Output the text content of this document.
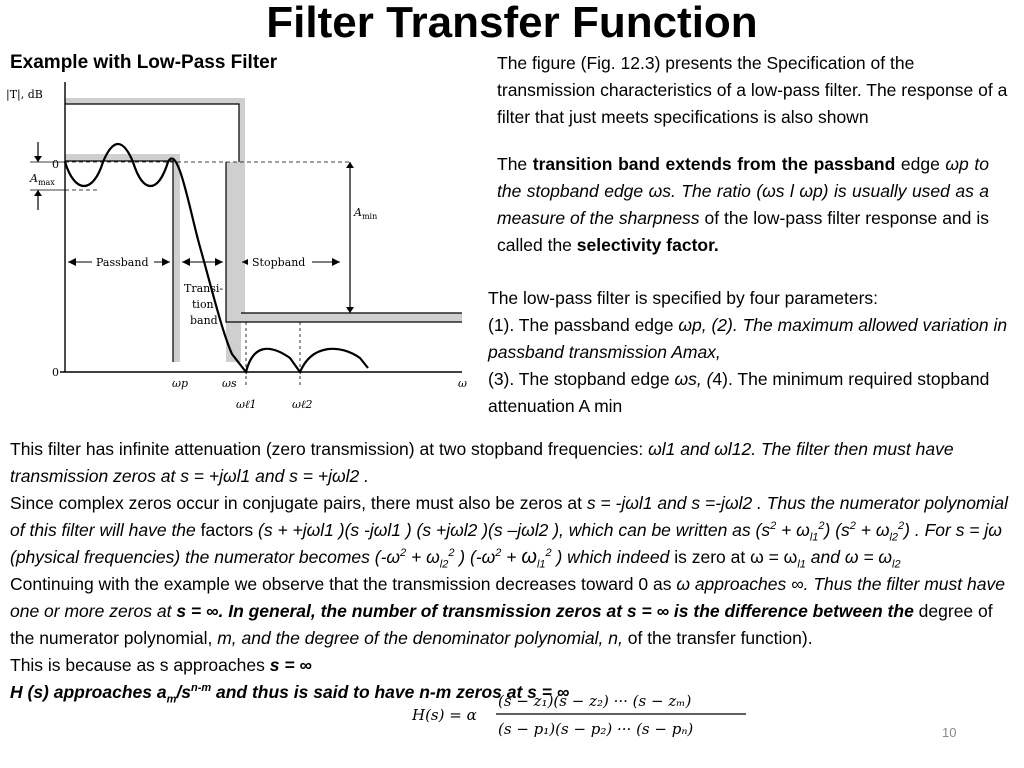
Filter Transfer Function
Example with Low-Pass Filter
|T|, dB
0
0
$A_{max}$
$A_{min}$
Passband	Stopband
Transi-
tion
band
ωp	ωs
ωℓ1	ωℓ2
ω
The figure (Fig. 12.3) presents the Specification of the transmission characteristics of a low-pass filter. The response of a filter that just meets specifications is also shown
The transition band extends from the passband edge ωp to the stopband edge ωs. The ratio (ωs l ωp) is usually used as a measure of the sharpness of the low-pass filter response and is called the selectivity factor.
The low-pass filter is specified by four parameters:
(1). The passband edge ωp, (2). The maximum allowed variation in passband transmission Amax,
(3). The stopband edge ωs, (4). The minimum required stopband attenuation A min
This filter has infinite attenuation (zero transmission) at two stopband frequencies: ωl1 and ωl12. The filter then must have transmission zeros at s = +jωl1 and s = +jωl2 .
Since complex zeros occur in conjugate pairs, there must also be zeros at s = -jωl1 and s =-jωl2 . Thus the numerator polynomial of this filter will have the factors (s + +jωl1 )(s -jωl1 ) (s +jωl2 )(s –jωl2 ), which can be written as $(s^2 + \omega_{l1}^2) (s^2 + \omega_{l2}^2)$ . For s = jω (physical frequencies) the numerator becomes ($-\omega^2 + \omega_{l2}^2$ ) ($-\omega^2 + \omega_{l1}^2$ ) which indeed is zero at $\omega = \omega_{l1}$ and $\omega = \omega_{l2}$
Continuing with the example we observe that the transmission decreases toward 0 as ω approaches ∞. Thus the filter must have one or more zeros at s = ∞. In general, the number of transmission zeros at s = ∞ is the difference between the degree of the numerator polynomial, m, and the degree of the denominator polynomial, n, of the transfer function).
This is because as s approaches s = ∞
H (s) approaches $a_m/s^{n-m}$ and thus is said to have n-m zeros at s = ∞
H(s) = α
(s − z₁)(s − z₂) ··· (s − zₘ)
(s − p₁)(s − p₂) ··· (s − pₙ)	10
